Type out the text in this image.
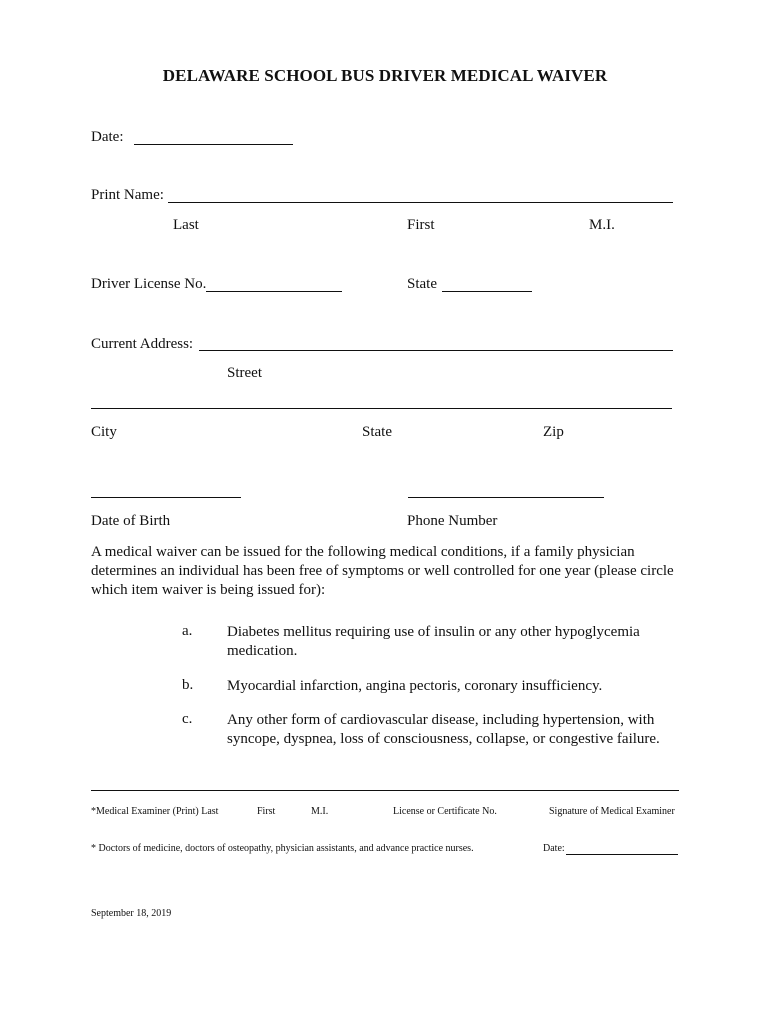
DELAWARE SCHOOL BUS DRIVER MEDICAL WAIVER
Date:
Print Name:
Last	First	M.I.
Driver License No.	State
Current Address:
Street
City	State	Zip
Date of Birth	Phone Number
A medical waiver can be issued for the following medical conditions, if a family physician determines an individual has been free of symptoms or well controlled for one year (please circle which item waiver is being issued for):
a. Diabetes mellitus requiring use of insulin or any other hypoglycemia medication.
b. Myocardial infarction, angina pectoris, coronary insufficiency.
c. Any other form of cardiovascular disease, including hypertension, with syncope, dyspnea, loss of consciousness, collapse, or congestive failure.
*Medical Examiner (Print) Last	First	M.I.	License or Certificate No.	Signature of Medical Examiner
* Doctors of medicine, doctors of osteopathy, physician assistants, and advance practice nurses.	Date:
September 18, 2019
